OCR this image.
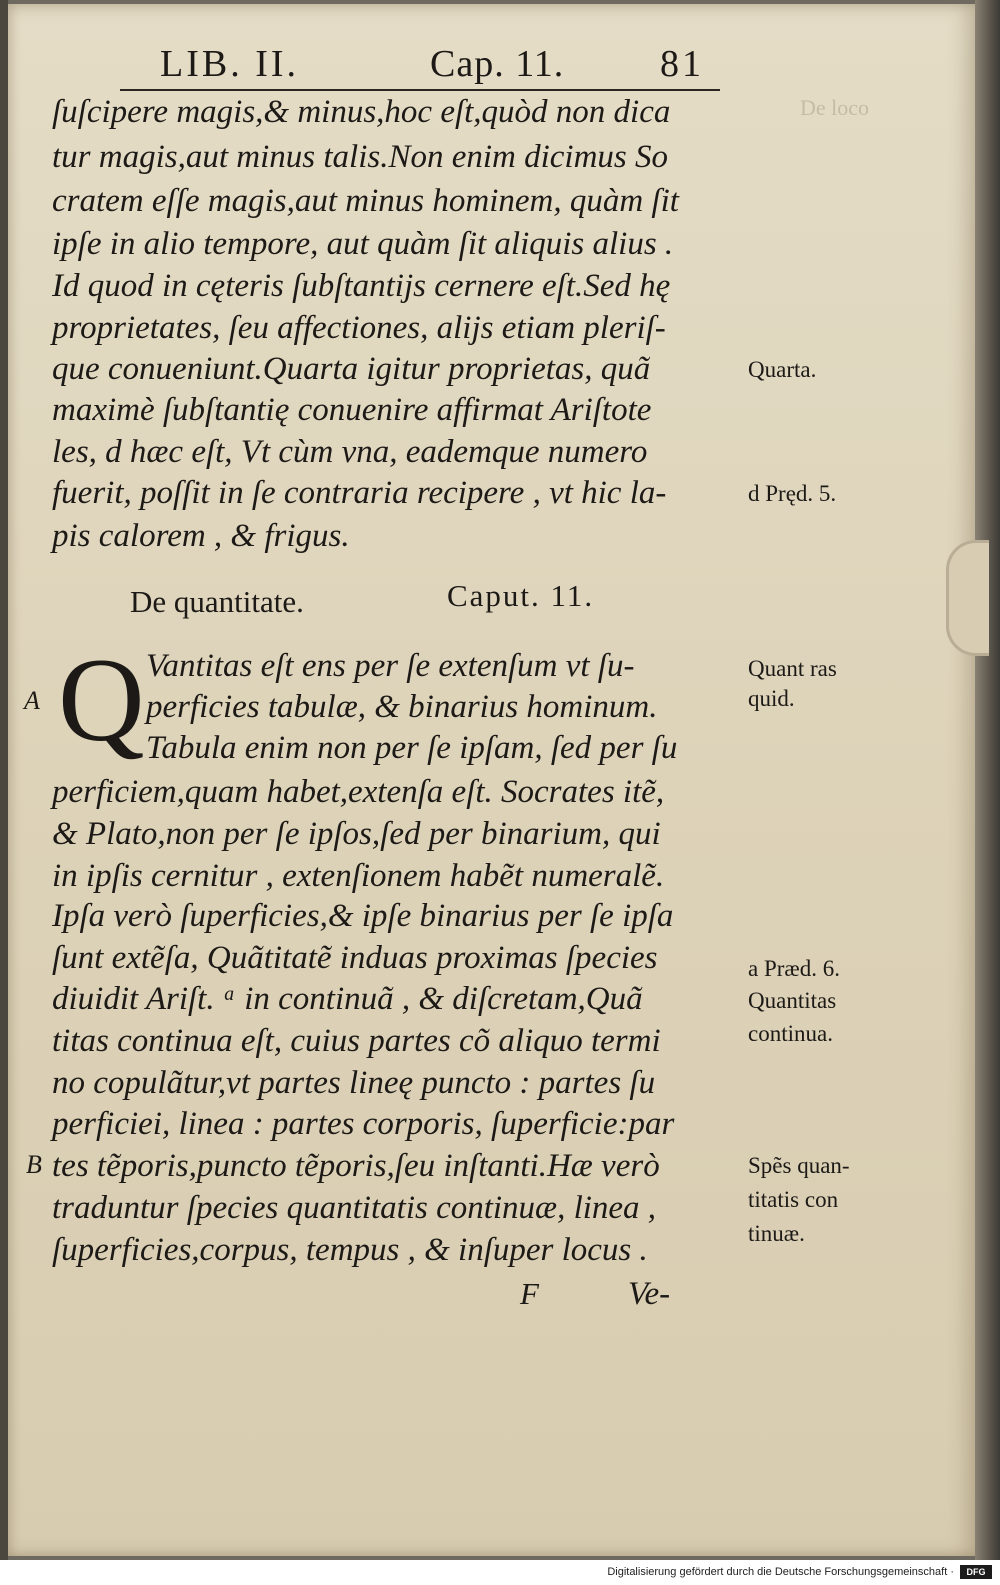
De loco
LIB. II.	Cap. 11.	81
ſuſcipere magis,& minus,hoc eſt,quòd non dica
tur magis,aut minus talis.Non enim dicimus So
cratem eſſe magis,aut minus hominem, quàm ſit
ipſe in alio tempore, aut quàm ſit aliquis alius .
Id quod in cęteris ſubſtantijs cernere eſt.Sed hę
proprietates, ſeu affectiones, alijs etiam pleriſ-
que conueniunt.Quarta igitur proprietas, quã
maximè ſubſtantię conuenire affirmat Ariſtote
les, d hæc eſt, Vt cùm vna, eademque numero
fuerit, poſſit in ſe contraria recipere , vt hic la-
pis calorem , & frigus.
De quantitate.	Caput. 11.
A Q Vantitas eſt ens per ſe extenſum vt ſu-
perficies tabulæ, & binarius hominum.
Tabula enim non per ſe ipſam, ſed per ſu
perficiem,quam habet,extenſa eſt. Socrates itẽ,
& Plato,non per ſe ipſos,ſed per binarium, qui
in ipſis cernitur , extenſionem habẽt numeralẽ.
Ipſa verò ſuperficies,& ipſe binarius per ſe ipſa
ſunt extẽſa, Quãtitatẽ induas proximas ſpecies
diuidit Ariſt. ᵃ in continuã , & diſcretam,Quã
titas continua eſt, cuius partes cõ aliquo termi
no copulãtur,vt partes lineę puncto : partes ſu
perficiei, linea : partes corporis, ſuperficie:par
B tes tẽporis,puncto tẽporis,ſeu inſtanti.Hæ verò
traduntur ſpecies quantitatis continuæ, linea ,
ſuperficies,corpus, tempus , & inſuper locus .
F	Ve-
Quarta.
d Pręd. 5.
Quant ras
quid.
a Præd. 6.
Quantitas
continua.
Spẽs quan-
titatis con
tinuæ.
Digitalisierung gefördert durch die Deutsche Forschungsgemeinschaft ·	DFG
